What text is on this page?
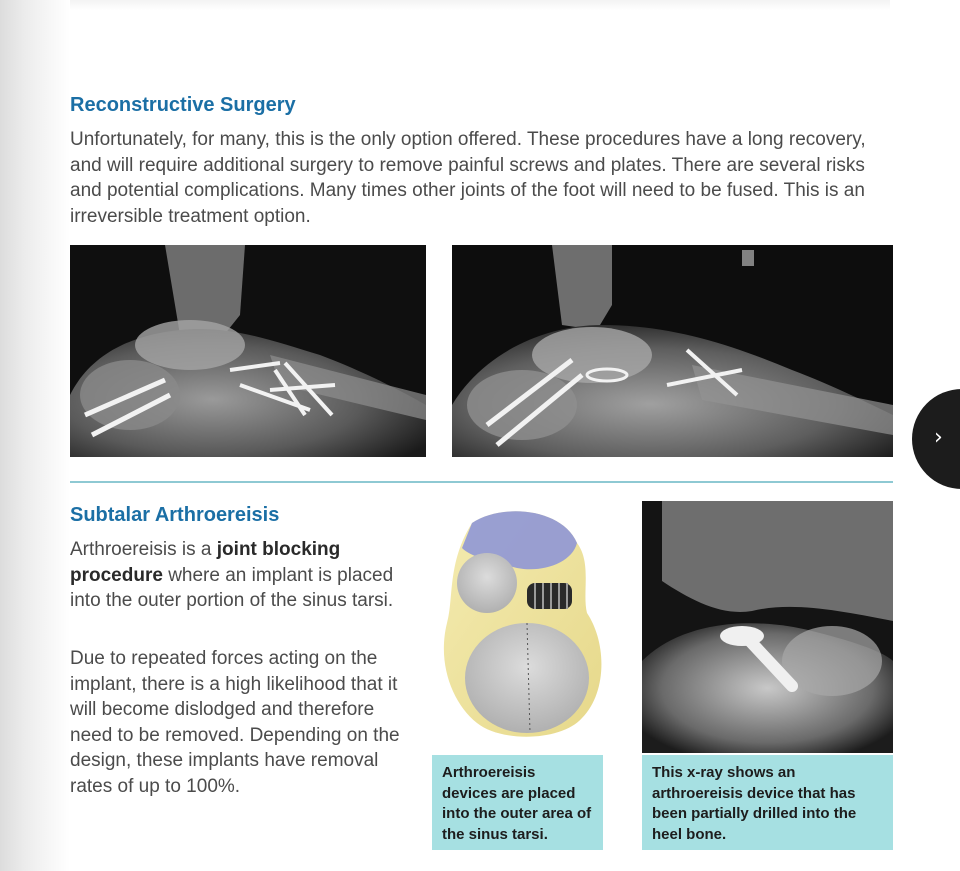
Reconstructive Surgery

Unfortunately, for many, this is the only option offered. These procedures have a long recovery, and will require additional surgery to remove painful screws and plates. There are several risks and potential complications. Many times other joints of the foot will need to be fused. This is an irreversible treatment option.

Subtalar Arthroereisis

Arthroereisis is a joint blocking procedure where an implant is placed into the outer portion of the sinus tarsi.

Due to repeated forces acting on the implant, there is a high likelihood that it will become dislodged and therefore need to be removed. Depending on the design, these implants have removal rates of up to 100%.

Arthroereisis devices are placed into the outer area of the sinus tarsi.
This x-ray shows an arthroereisis device that has been partially drilled into the heel bone.
›
